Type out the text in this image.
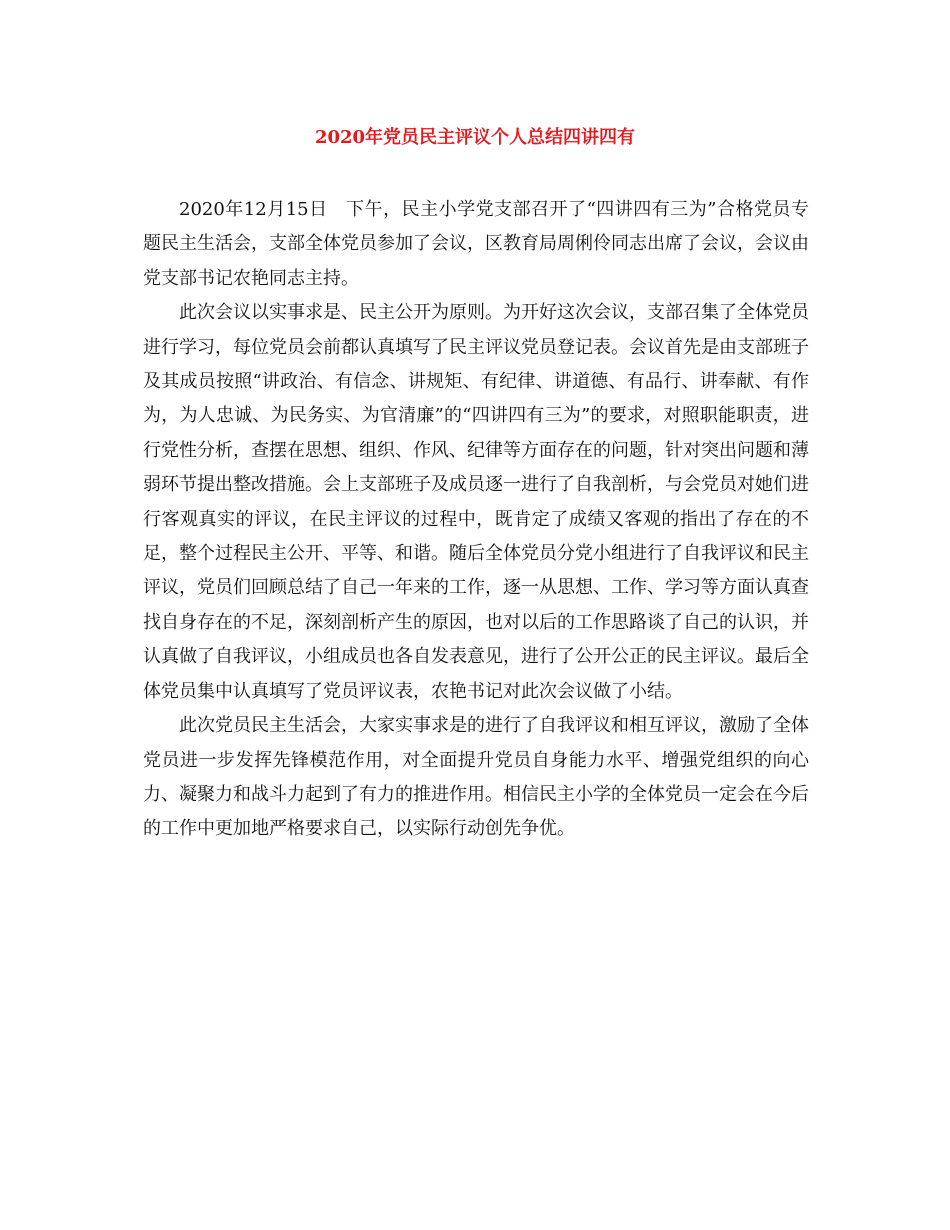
2020年党员民主评议个人总结四讲四有

2020年12月15日　下午，民主小学党支部召开了“四讲四有三为”合格党员专题民主生活会，支部全体党员参加了会议，区教育局周俐伶同志出席了会议，会议由党支部书记农艳同志主持。

此次会议以实事求是、民主公开为原则。为开好这次会议，支部召集了全体党员进行学习，每位党员会前都认真填写了民主评议党员登记表。会议首先是由支部班子及其成员按照“讲政治、有信念、讲规矩、有纪律、讲道德、有品行、讲奉献、有作为，为人忠诚、为民务实、为官清廉”的“四讲四有三为”的要求，对照职能职责，进行党性分析，查摆在思想、组织、作风、纪律等方面存在的问题，针对突出问题和薄弱环节提出整改措施。会上支部班子及成员逐一进行了自我剖析，与会党员对她们进行客观真实的评议，在民主评议的过程中，既肯定了成绩又客观的指出了存在的不足，整个过程民主公开、平等、和谐。随后全体党员分党小组进行了自我评议和民主评议，党员们回顾总结了自己一年来的工作，逐一从思想、工作、学习等方面认真查找自身存在的不足，深刻剖析产生的原因，也对以后的工作思路谈了自己的认识，并认真做了自我评议，小组成员也各自发表意见，进行了公开公正的民主评议。最后全体党员集中认真填写了党员评议表，农艳书记对此次会议做了小结。

此次党员民主生活会，大家实事求是的进行了自我评议和相互评议，激励了全体党员进一步发挥先锋模范作用，对全面提升党员自身能力水平、增强党组织的向心力、凝聚力和战斗力起到了有力的推进作用。相信民主小学的全体党员一定会在今后的工作中更加地严格要求自己，以实际行动创先争优。
